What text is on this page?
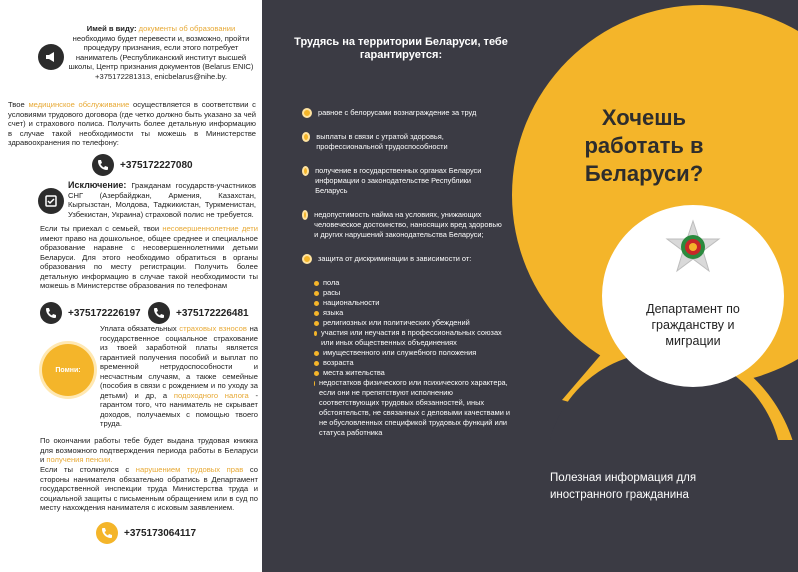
Имей в виду: документы об образовании необходимо будет перевести и, возможно, пройти процедуру признания, если этого потребует наниматель (Республиканский институт высшей школы, Центр признания документов (Belarus ENIC) +375172281313, enicbelarus@nihe.by.
Твое медицинское обслуживание осуществляется в соответствии с условиями трудового договора (где четко должно быть указано за чей счет) и страхового полиса. Получить более детальную информацию в случае такой необходимости ты можешь в Министерстве здравоохранения по телефону:
+375172227080
Исключение: Гражданам государств-участников СНГ (Азербайджан, Армения, Казахстан, Кыргызстан, Молдова, Таджикистан, Туркменистан, Узбекистан, Украина) страховой полис не требуется.
Если ты приехал с семьей, твои несовершеннолетние дети имеют право на дошкольное, общее среднее и специальное образование наравне с несовершеннолетними детьми Беларуси. Для этого необходимо обратиться в органы образования по месту регистрации. Получить более детальную информацию в случае такой необходимости ты можешь в Министерстве образования по телефонам
+375172226197	+375172226481
Помни:
Уплата обязательных страховых взносов на государственное социальное страхование из твоей заработной платы является гарантией получения пособий и выплат по временной нетрудоспособности и несчастным случаям, а также семейные (пособия в связи с рождением и по уходу за детьми) и др, а подоходного налога - гарантом того, что наниматель не скрывает доходов, получаемых с помощью твоего труда.
По окончании работы тебе будет выдана трудовая книжка для возможного подтверждения периода работы в Беларуси и получения пенсии.
Если ты столкнулся с нарушением трудовых прав со стороны нанимателя обязательно обратись в Департамент государственной инспекции труда Министерства труда и социальной защиты с письменным обращением или в суд по месту нахождения нанимателя с исковым заявлением.
+375173064117
Трудясь на территории Беларуси, тебе гарантируется:
равное с белорусами вознаграждение за труд
выплаты в связи с утратой здоровья, профессиональной трудоспособности
получение в государственных органах Беларуси информации о законодательстве Республики Беларусь
недопустимость найма на условиях, унижающих человеческое достоинство, наносящих вред здоровью и других нарушений законодательства Беларуси;
защита от дискриминации в зависимости от:
пола
расы
национальности
языка
религиозных или политических убеждений
участия или неучастия в профессиональных союзах или иных общественных объединениях
имущественного или служебного положения
возраста
места жительства
недостатков физического или психического характера, если они не препятствуют исполнению соответствующих трудовых обязанностей, иных обстоятельств, не связанных с деловыми качествами и не обусловленных спецификой трудовых функций или статуса работника
Хочешь работать в Беларуси?
Департамент по гражданству и миграции
Полезная информация для иностранного гражданина
